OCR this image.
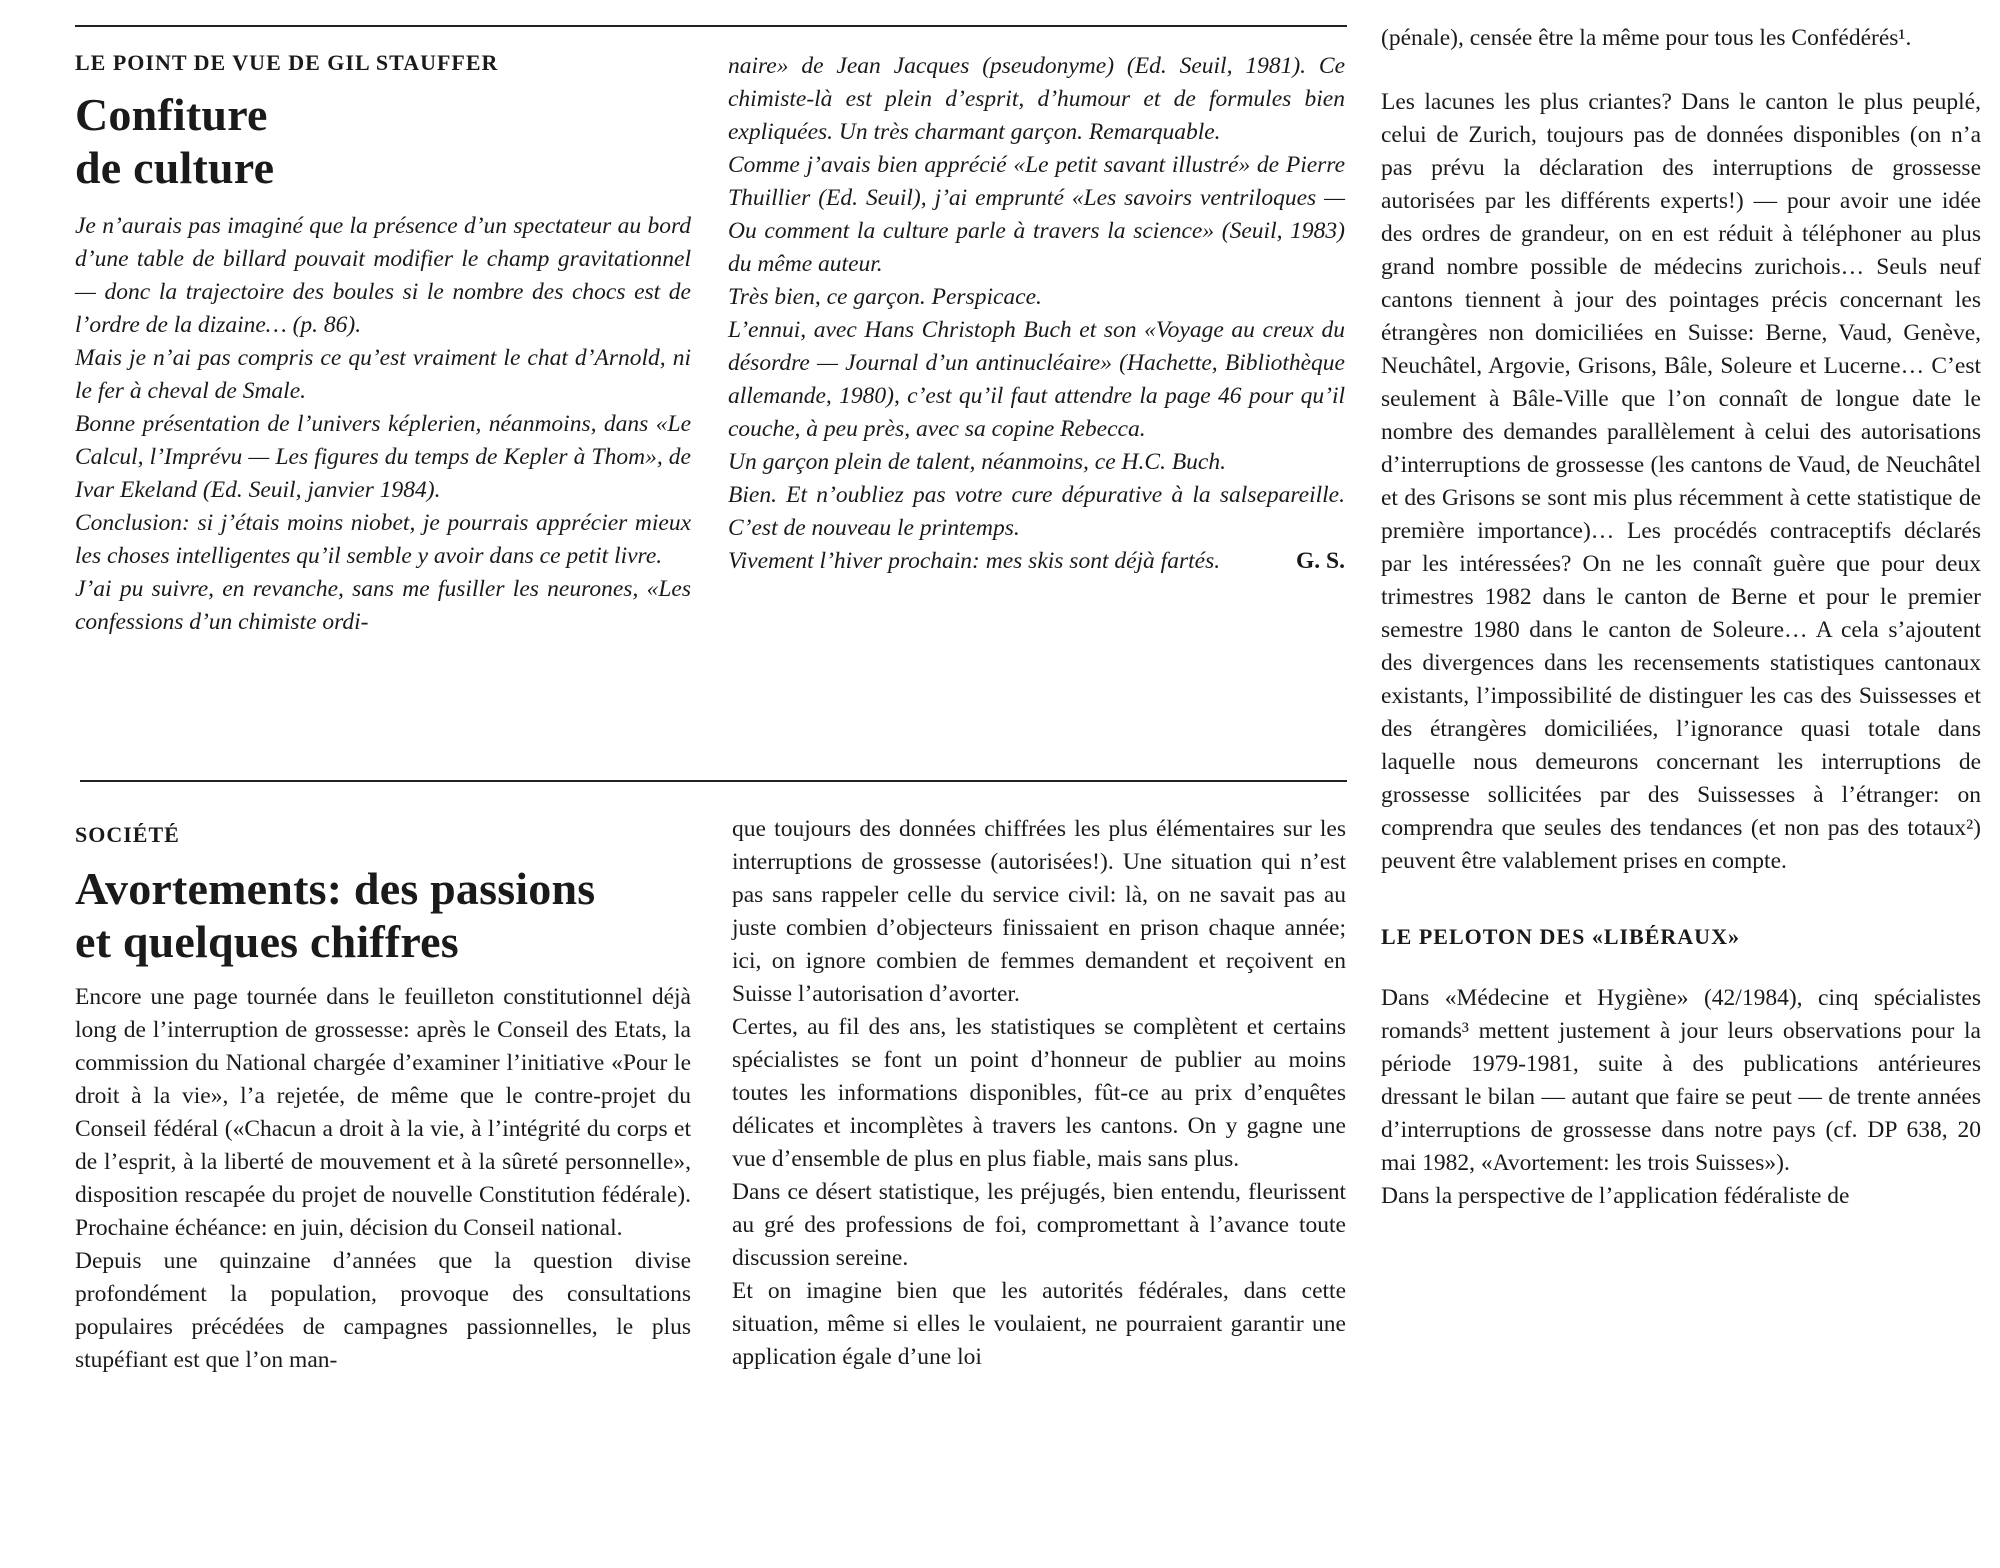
LE POINT DE VUE DE GIL STAUFFER

Confiture

de culture

Je n’aurais pas imaginé que la présence d’un spectateur au bord d’une table de billard pouvait modifier le champ gravitationnel — donc la trajectoire des boules si le nombre des chocs est de l’ordre de la dizaine… (p. 86).

Mais je n’ai pas compris ce qu’est vraiment le chat d’Arnold, ni le fer à cheval de Smale.

Bonne présentation de l’univers képlerien, néanmoins, dans «Le Calcul, l’Imprévu — Les figures du temps de Kepler à Thom», de Ivar Ekeland (Ed. Seuil, janvier 1984).

Conclusion: si j’étais moins niobet, je pourrais apprécier mieux les choses intelligentes qu’il semble y avoir dans ce petit livre.

J’ai pu suivre, en revanche, sans me fusiller les neurones, «Les confessions d’un chimiste ordi-

naire» de Jean Jacques (pseudonyme) (Ed. Seuil, 1981). Ce chimiste-là est plein d’esprit, d’humour et de formules bien expliquées. Un très charmant garçon. Remarquable.

Comme j’avais bien apprécié «Le petit savant illustré» de Pierre Thuillier (Ed. Seuil), j’ai emprunté «Les savoirs ventriloques — Ou comment la culture parle à travers la science» (Seuil, 1983) du même auteur.

Très bien, ce garçon. Perspicace.

L’ennui, avec Hans Christoph Buch et son «Voyage au creux du désordre — Journal d’un antinucléaire» (Hachette, Bibliothèque allemande, 1980), c’est qu’il faut attendre la page 46 pour qu’il couche, à peu près, avec sa copine Rebecca.

Un garçon plein de talent, néanmoins, ce H.C. Buch.

Bien. Et n’oubliez pas votre cure dépurative à la salsepareille. C’est de nouveau le printemps.

Vivement l’hiver prochain: mes skis sont déjà fartés.	G. S.

SOCIÉTÉ

Avortements: des passions

et quelques chiffres

Encore une page tournée dans le feuilleton constitutionnel déjà long de l’interruption de grossesse: après le Conseil des Etats, la commission du National chargée d’examiner l’initiative «Pour le droit à la vie», l’a rejetée, de même que le contre-projet du Conseil fédéral («Chacun a droit à la vie, à l’intégrité du corps et de l’esprit, à la liberté de mouvement et à la sûreté personnelle», disposition rescapée du projet de nouvelle Constitution fédérale). Prochaine échéance: en juin, décision du Conseil national.

Depuis une quinzaine d’années que la question divise profondément la population, provoque des consultations populaires précédées de campagnes passionnelles, le plus stupéfiant est que l’on man-

que toujours des données chiffrées les plus élémentaires sur les interruptions de grossesse (autorisées!). Une situation qui n’est pas sans rappeler celle du service civil: là, on ne savait pas au juste combien d’objecteurs finissaient en prison chaque année; ici, on ignore combien de femmes demandent et reçoivent en Suisse l’autorisation d’avorter.

Certes, au fil des ans, les statistiques se complètent et certains spécialistes se font un point d’honneur de publier au moins toutes les informations disponibles, fût-ce au prix d’enquêtes délicates et incomplètes à travers les cantons. On y gagne une vue d’ensemble de plus en plus fiable, mais sans plus.

Dans ce désert statistique, les préjugés, bien entendu, fleurissent au gré des professions de foi, compromettant à l’avance toute discussion sereine.

Et on imagine bien que les autorités fédérales, dans cette situation, même si elles le voulaient, ne pourraient garantir une application égale d’une loi

(pénale), censée être la même pour tous les Confédérés¹.

Les lacunes les plus criantes? Dans le canton le plus peuplé, celui de Zurich, toujours pas de données disponibles (on n’a pas prévu la déclaration des interruptions de grossesse autorisées par les différents experts!) — pour avoir une idée des ordres de grandeur, on en est réduit à téléphoner au plus grand nombre possible de médecins zurichois… Seuls neuf cantons tiennent à jour des pointages précis concernant les étrangères non domiciliées en Suisse: Berne, Vaud, Genève, Neuchâtel, Argovie, Grisons, Bâle, Soleure et Lucerne… C’est seulement à Bâle-Ville que l’on connaît de longue date le nombre des demandes parallèlement à celui des autorisations d’interruptions de grossesse (les cantons de Vaud, de Neuchâtel et des Grisons se sont mis plus récemment à cette statistique de première importance)… Les procédés contraceptifs déclarés par les intéressées? On ne les connaît guère que pour deux trimestres 1982 dans le canton de Berne et pour le premier semestre 1980 dans le canton de Soleure… A cela s’ajoutent des divergences dans les recensements statistiques cantonaux existants, l’impossibilité de distinguer les cas des Suissesses et des étrangères domiciliées, l’ignorance quasi totale dans laquelle nous demeurons concernant les interruptions de grossesse sollicitées par des Suissesses à l’étranger: on comprendra que seules des tendances (et non pas des totaux²) peuvent être valablement prises en compte.

LE PELOTON DES «LIBÉRAUX»

Dans «Médecine et Hygiène» (42/1984), cinq spécialistes romands³ mettent justement à jour leurs observations pour la période 1979-1981, suite à des publications antérieures dressant le bilan — autant que faire se peut — de trente années d’interruptions de grossesse dans notre pays (cf. DP 638, 20 mai 1982, «Avortement: les trois Suisses»).

Dans la perspective de l’application fédéraliste de
